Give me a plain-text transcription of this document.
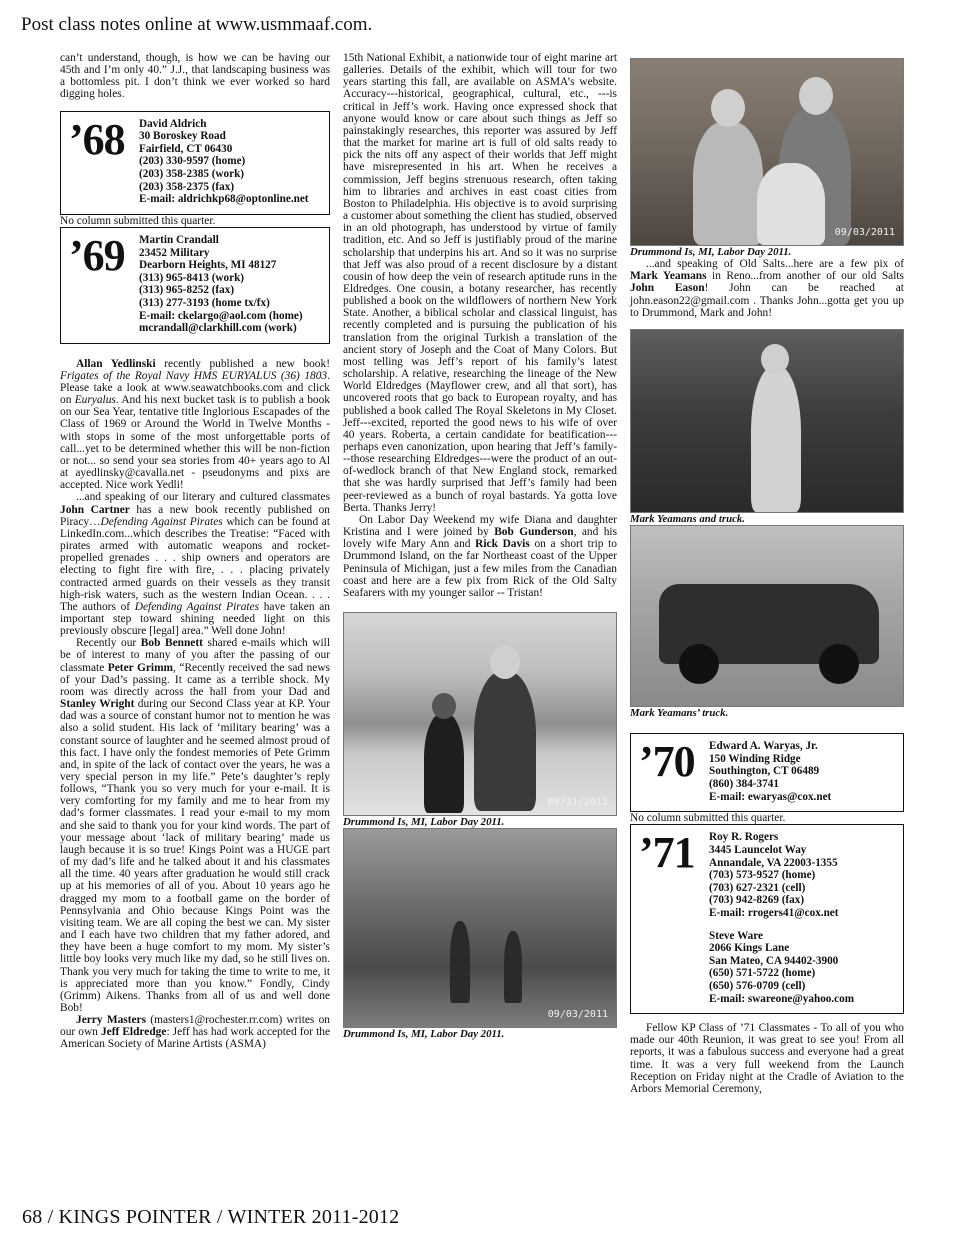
Post class notes online at www.usmmaaf.com.

can’t understand, though, is how we can be having our 45th and I’m only 40.” J.J., that landscaping business was a bottomless pit. I don’t think we ever worked so hard digging holes.

’68 David Aldrich
30 Boroskey Road
Fairfield, CT 06430
(203) 330-9597 (home)
(203) 358-2385 (work)
(203) 358-2375 (fax)
E-mail: aldrichkp68@optonline.net

No column submitted this quarter.

’69 Martin Crandall
23452 Military
Dearborn Heights, MI 48127
(313) 965-8413 (work)
(313) 965-8252 (fax)
(313) 277-3193 (home tx/fx)
E-mail: ckelargo@aol.com (home)
mcrandall@clarkhill.com (work)

Allan Yedlinski recently published a new book! Frigates of the Royal Navy HMS EURYALUS (36) 1803. Please take a look at www.seawatchbooks.com and click on Euryalus. And his next bucket task is to publish a book on our Sea Year, tentative title Inglorious Escapades of the Class of 1969 or Around the World in Twelve Months - with stops in some of the most unforgettable ports of call...yet to be determined whether this will be non-fiction or not... so send your sea stories from 40+ years ago to Al at ayedlinsky@cavalla.net - pseudonyms and pixs are accepted. Nice work Yedli!

...and speaking of our literary and cultured classmates John Cartner has a new book recently published on Piracy…Defending Against Pirates which can be found at LinkedIn.com...which describes the Treatise: “Faced with pirates armed with automatic weapons and rocket-propelled grenades . . . ship owners and operators are electing to fight fire with fire, . . . placing privately contracted armed guards on their vessels as they transit high-risk waters, such as the western Indian Ocean. . . . The authors of Defending Against Pirates have taken an important step toward shining needed light on this previously obscure [legal] area.” Well done John!

Recently our Bob Bennett shared e-mails which will be of interest to many of you after the passing of our classmate Peter Grimm, “Recently received the sad news of your Dad’s passing. It came as a terrible shock. My room was directly across the hall from your Dad and Stanley Wright during our Second Class year at KP. Your dad was a source of constant humor not to mention he was also a solid student. His lack of ‘military bearing’ was a constant source of laughter and he seemed almost proud of this fact. I have only the fondest memories of Pete Grimm and, in spite of the lack of contact over the years, he was a very special person in my life.” Pete’s daughter’s reply follows, “Thank you so very much for your e-mail. It is very comforting for my family and me to hear from my dad’s former classmates. I read your e-mail to my mom and she said to thank you for your kind words. The part of your message about ‘lack of military bearing’ made us laugh because it is so true! Kings Point was a HUGE part of my dad’s life and he talked about it and his classmates all the time. 40 years after graduation he would still crack up at his memories of all of you. About 10 years ago he dragged my mom to a football game on the border of Pennsylvania and Ohio because Kings Point was the visiting team. We are all coping the best we can. My sister and I each have two children that my father adored, and they have been a huge comfort to my mom. My sister’s little boy looks very much like my dad, so he still lives on. Thank you very much for taking the time to write to me, it is appreciated more than you know.” Fondly, Cindy (Grimm) Aikens. Thanks from all of us and well done Bob!

Jerry Masters (masters1@rochester.rr.com) writes on our own Jeff Eldredge: Jeff has had work accepted for the American Society of Marine Artists (ASMA)

15th National Exhibit, a nationwide tour of eight marine art galleries. Details of the exhibit, which will tour for two years starting this fall, are available on ASMA’s website. Accuracy---historical, geographical, cultural, etc., ---is critical in Jeff’s work. Having once expressed shock that anyone would know or care about such things as Jeff so painstakingly researches, this reporter was assured by Jeff that the market for marine art is full of old salts ready to pick the nits off any aspect of their worlds that Jeff might have misrepresented in his art. When he receives a commission, Jeff begins strenuous research, often taking him to libraries and archives in east coast cities from Boston to Philadelphia. His objective is to avoid surprising a customer about something the client has studied, observed in an old photograph, has understood by virtue of family tradition, etc. And so Jeff is justifiably proud of the marine scholarship that underpins his art. And so it was no surprise that Jeff was also proud of a recent disclosure by a distant cousin of how deep the vein of research aptitude runs in the Eldredges. One cousin, a botany researcher, has recently published a book on the wildflowers of northern New York State. Another, a biblical scholar and classical linguist, has recently completed and is pursuing the publication of his translation from the original Turkish a translation of the ancient story of Joseph and the Coat of Many Colors. But most telling was Jeff’s report of his family’s latest scholarship. A relative, researching the lineage of the New World Eldredges (Mayflower crew, and all that sort), has uncovered roots that go back to European royalty, and has published a book called The Royal Skeletons in My Closet. Jeff---excited, reported the good news to his wife of over 40 years. Roberta, a certain candidate for beatification---perhaps even canonization, upon hearing that Jeff’s family---those researching Eldredges---were the product of an out-of-wedlock branch of that New England stock, remarked that she was hardly surprised that Jeff’s family had been peer-reviewed as a bunch of royal bastards. Ya gotta love Berta. Thanks Jerry!

On Labor Day Weekend my wife Diana and daughter Kristina and I were joined by Bob Gunderson, and his lovely wife Mary Ann and Rick Davis on a short trip to Drummond Island, on the far Northeast coast of the Upper Peninsula of Michigan, just a few miles from the Canadian coast and here are a few pix from Rick of the Old Salty Seafarers with my younger sailor -- Tristan!

08/31/2011

Drummond Is, MI, Labor Day 2011.

09/03/2011

Drummond Is, MI, Labor Day 2011.

09/03/2011

Drummond Is, MI, Labor Day 2011.

...and speaking of Old Salts...here are a few pix of Mark Yeamans in Reno...from another of our old Salts John Eason! John can be reached at john.eason22@gmail.com . Thanks John...gotta get you up to Drummond, Mark and John!

Mark Yeamans and truck.

Mark Yeamans’ truck.

’70 Edward A. Waryas, Jr.
150 Winding Ridge
Southington, CT 06489
(860) 384-3741
E-mail: ewaryas@cox.net

No column submitted this quarter.

’71 Roy R. Rogers
3445 Launcelot Way
Annandale, VA 22003-1355
(703) 573-9527 (home)
(703) 627-2321 (cell)
(703) 942-8269 (fax)
E-mail: rrogers41@cox.net
Steve Ware
2066 Kings Lane
San Mateo, CA 94402-3900
(650) 571-5722 (home)
(650) 576-0709 (cell)
E-mail: swareone@yahoo.com

Fellow KP Class of ’71 Classmates - To all of you who made our 40th Reunion, it was great to see you! From all reports, it was a fabulous success and everyone had a great time. It was a very full weekend from the Launch Reception on Friday night at the Cradle of Aviation to the Arbors Memorial Ceremony,

68 / KINGS POINTER / WINTER 2011-2012
